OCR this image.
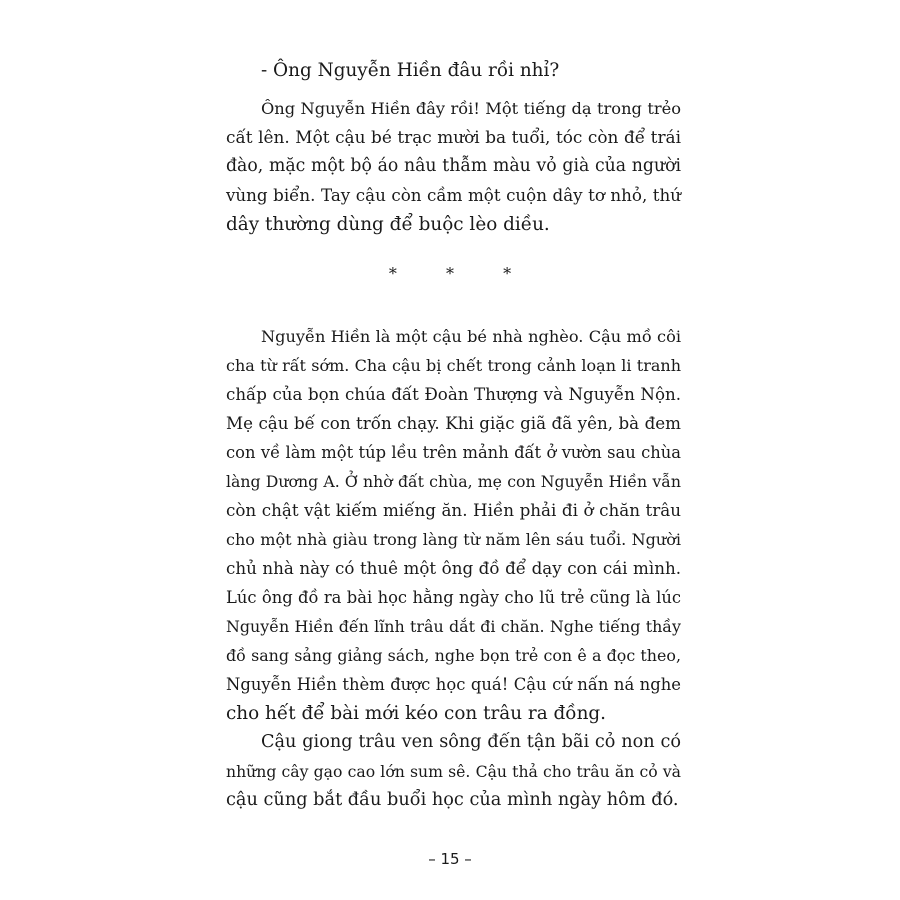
- Ông Nguyễn Hiền đâu rồi nhỉ?
Ông Nguyễn Hiền đây rồi! Một tiếng dạ trong trẻo
cất lên. Một cậu bé trạc mười ba tuổi, tóc còn để trái
đào, mặc một bộ áo nâu thẫm màu vỏ già của người
vùng biển. Tay cậu còn cầm một cuộn dây tơ nhỏ, thứ
dây thường dùng để buộc lèo diều.
* * *
Nguyễn Hiền là một cậu bé nhà nghèo. Cậu mồ côi
cha từ rất sớm. Cha cậu bị chết trong cảnh loạn li tranh
chấp của bọn chúa đất Đoàn Thượng và Nguyễn Nộn.
Mẹ cậu bế con trốn chạy. Khi giặc giã đã yên, bà đem
con về làm một túp lều trên mảnh đất ở vườn sau chùa
làng Dương A. Ở nhờ đất chùa, mẹ con Nguyễn Hiền vẫn
còn chật vật kiếm miếng ăn. Hiền phải đi ở chăn trâu
cho một nhà giàu trong làng từ năm lên sáu tuổi. Người
chủ nhà này có thuê một ông đồ để dạy con cái mình.
Lúc ông đồ ra bài học hằng ngày cho lũ trẻ cũng là lúc
Nguyễn Hiền đến lĩnh trâu dắt đi chăn. Nghe tiếng thầy
đồ sang sảng giảng sách, nghe bọn trẻ con ê a đọc theo,
Nguyễn Hiền thèm được học quá! Cậu cứ nấn ná nghe
cho hết để bài mới kéo con trâu ra đồng.
Cậu giong trâu ven sông đến tận bãi cỏ non có
những cây gạo cao lớn sum sê. Cậu thả cho trâu ăn cỏ và
cậu cũng bắt đầu buổi học của mình ngày hôm đó.
– 15 –
